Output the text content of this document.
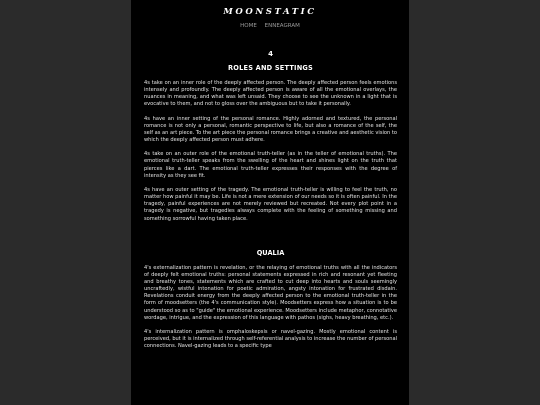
MOONSTATIC
HOME ENNEAGRAM
4
ROLES AND SETTINGS

4s take on an inner role of the deeply affected person. The deeply affected person feels emotions intensely and profoundly. The deeply affected person is aware of all the emotional overlays, the nuances in meaning, and what was left unsaid. They choose to see the unknown in a light that is evocative to them, and not to gloss over the ambiguous but to take it personally.

4s have an inner setting of the personal romance. Highly adorned and textured, the personal romance is not only a personal, romantic perspective to life, but also a romance of the self, the self as an art piece. To the art piece the personal romance brings a creative and aesthetic vision to which the deeply affected person must adhere.

4s take on an outer role of the emotional truth-teller (as in the teller of emotional truths). The emotional truth-teller speaks from the swelling of the heart and shines light on the truth that pierces like a dart. The emotional truth-teller expresses their responses with the degree of intensity as they see fit.

4s have an outer setting of the tragedy. The emotional truth-teller is willing to feel the truth, no matter how painful it may be. Life is not a mere extension of our needs so it is often painful. In the tragedy, painful experiences are not merely reviewed but recreated. Not every plot point in a tragedy is negative, but tragedies always complete with the feeling of something missing and something sorrowful having taken place.

QUALIA

4's externalization pattern is revelation, or the relaying of emotional truths with all the indicators of deeply felt emotional truths: personal statements expressed in rich and resonant yet fleeting and breathy tones, statements which are crafted to cut deep into hearts and souls seemingly uncraftedly, wistful intonation for poetic admiration, angsty intonation for frustrated disdain. Revelations conduit energy from the deeply affected person to the emotional truth-teller in the form of moodsetters (the 4's communication style). Moodsetters express how a situation is to be understood so as to "guide" the emotional experience. Moodsetters include metaphor, connotative wordage, intrigue, and the expression of this language with pathos (sighs, heavy breathing, etc.).

4's internalization pattern is omphaloskepsis or navel-gazing. Mostly emotional content is perceived, but it is internalized through self-referential analysis to increase the number of personal connections. Navel-gazing leads to a specific type
